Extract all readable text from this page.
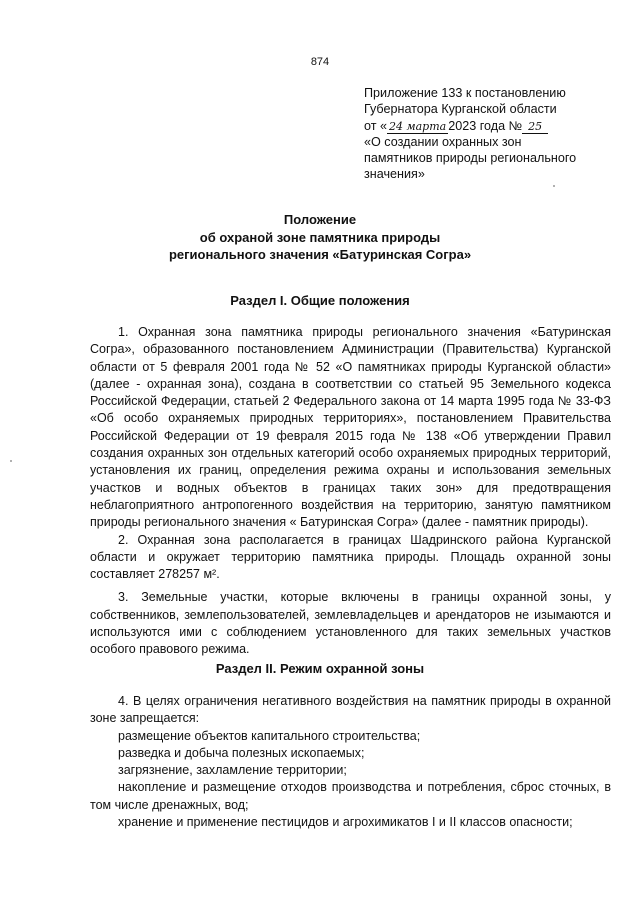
874
Приложение 133 к постановлению
Губернатора Курганской области
от « 24 марта 2023 года № 25
«О создании охранных зон
памятников природы регионального
значения»
Положение
об охраной зоне памятника природы
регионального значения «Батуринская Согра»
Раздел I. Общие положения

1. Охранная зона памятника природы регионального значения «Батуринская Согра», образованного постановлением Администрации (Правительства) Курганской области от 5 февраля 2001 года № 52 «О памятниках природы Курганской области» (далее - охранная зона), создана в соответствии со статьей 95 Земельного кодекса Российской Федерации, статьей 2 Федерального закона от 14 марта 1995 года № 33-ФЗ «Об особо охраняемых природных территориях», постановлением Правительства Российской Федерации от 19 февраля 2015 года № 138 «Об утверждении Правил создания охранных зон отдельных категорий особо охраняемых природных территорий, установления их границ, определения режима охраны и использования земельных участков и водных объектов в границах таких зон» для предотвращения неблагоприятного антропогенного воздействия на территорию, занятую памятником природы регионального значения « Батуринская Согра» (далее - памятник природы).

2. Охранная зона располагается в границах Шадринского района Курганской области и окружает территорию памятника природы. Площадь охранной зоны составляет 278257 м².

3. Земельные участки, которые включены в границы охранной зоны, у собственников, землепользователей, землевладельцев и арендаторов не изымаются и используются ими с соблюдением установленного для таких земельных участков особого правового режима.

Раздел II. Режим охранной зоны

4. В целях ограничения негативного воздействия на памятник природы в охранной зоне запрещается:

размещение объектов капитального строительства;
разведка и добыча полезных ископаемых;
загрязнение, захламление территории;
накопление и размещение отходов производства и потребления, сброс сточных, в том числе дренажных, вод;
хранение и применение пестицидов и агрохимикатов I и II классов опасности;
